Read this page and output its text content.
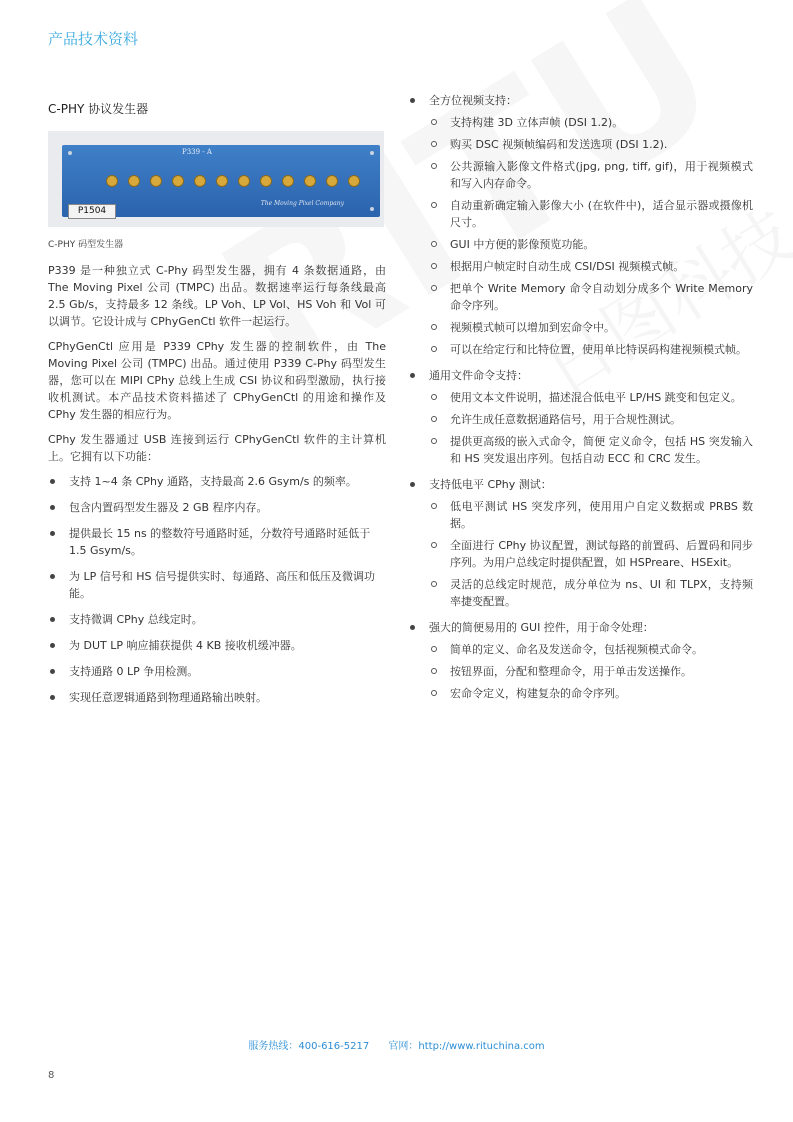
产品技术资料
C-PHY 协议发生器
P339 - A
The Moving Pixel Company
P1504
C-PHY 码型发生器

P339 是一种独立式 C-Phy 码型发生器，拥有 4 条数据通路，由 The Moving Pixel 公司 (TMPC) 出品。数据速率运行每条线最高 2.5 Gb/s，支持最多 12 条线。LP Voh、LP Vol、HS Voh 和 Vol 可以调节。它设计成与 CPhyGenCtl 软件一起运行。

CPhyGenCtl 应用是 P339 CPhy 发生器的控制软件，由 The Moving Pixel 公司 (TMPC) 出品。通过使用 P339 C-Phy 码型发生器，您可以在 MIPI CPhy 总线上生成 CSI 协议和码型激励，执行接收机测试。本产品技术资料描述了 CPhyGenCtl 的用途和操作及 CPhy 发生器的相应行为。

CPhy 发生器通过 USB 连接到运行 CPhyGenCtl 软件的主计算机上。它拥有以下功能：

支持 1~4 条 CPhy 通路，支持最高 2.6 Gsym/s 的频率。
包含内置码型发生器及 2 GB 程序内存。
提供最长 15 ns 的整数符号通路时延，分数符号通路时延低于 1.5 Gsym/s。
为 LP 信号和 HS 信号提供实时、每通路、高压和低压及微调功能。
支持微调 CPhy 总线定时。
为 DUT LP 响应捕获提供 4 KB 接收机缓冲器。
支持通路 0 LP 争用检测。
实现任意逻辑通路到物理通路输出映射。
全方位视频支持：
支持构建 3D 立体声帧 (DSI 1.2)。
购买 DSC 视频帧编码和发送选项 (DSI 1.2).
公共源输入影像文件格式(jpg, png, tiff, gif)，用于视频模式和写入内存命令。
自动重新确定输入影像大小 (在软件中)，适合显示器或摄像机尺寸。
GUI 中方便的影像预览功能。
根据用户帧定时自动生成 CSI/DSI 视频模式帧。
把单个 Write Memory 命令自动划分成多个 Write Memory 命令序列。
视频模式帧可以增加到宏命令中。
可以在给定行和比特位置，使用单比特误码构建视频模式帧。
通用文件命令支持：
使用文本文件说明，描述混合低电平 LP/HS 跳变和包定义。
允许生成任意数据通路信号，用于合规性测试。
提供更高级的嵌入式命令，简便 定义命令，包括 HS 突发输入和 HS 突发退出序列。包括自动 ECC 和 CRC 发生。
支持低电平 CPhy 测试：
低电平测试 HS 突发序列，使用用户自定义数据或 PRBS 数据。
全面进行 CPhy 协议配置，测试每路的前置码、后置码和同步序列。为用户总线定时提供配置，如 HSPreare、HSExit。
灵活的总线定时规范，成分单位为 ns、UI 和 TLPX，支持频率捷变配置。
强大的简便易用的 GUI 控件，用于命令处理：
简单的定义、命名及发送命令，包括视频模式命令。
按钮界面，分配和整理命令，用于单击发送操作。
宏命令定义，构建复杂的命令序列。
服务热线：400-616-5217 官网：http://www.rituchina.com
8
